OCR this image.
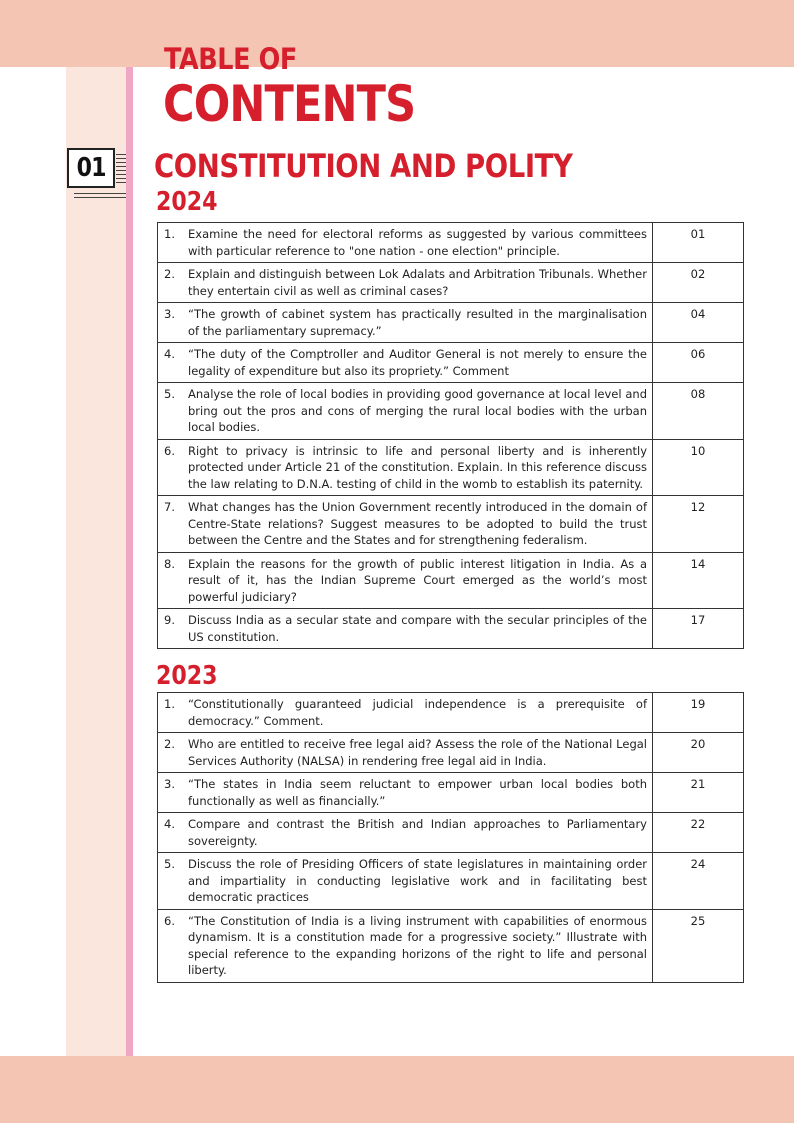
TABLE OF
CONTENTS
01 CONSTITUTION AND POLITY
2024
1. Examine the need for electoral reforms as suggested by various committees with particular reference to "one nation - one election" principle.	01

2. Explain and distinguish between Lok Adalats and Arbitration Tribunals. Whether they entertain civil as well as criminal cases?	02

3. “The growth of cabinet system has practically resulted in the marginalisation of the parliamentary supremacy.”	04

4. “The duty of the Comptroller and Auditor General is not merely to ensure the legality of expenditure but also its propriety.” Comment	06

5. Analyse the role of local bodies in providing good governance at local level and bring out the pros and cons of merging the rural local bodies with the urban local bodies.	08

6. Right to privacy is intrinsic to life and personal liberty and is inherently protected under Article 21 of the constitution. Explain. In this reference discuss the law relating to D.N.A. testing of child in the womb to establish its paternity.	10

7. What changes has the Union Government recently introduced in the domain of Centre-State relations? Suggest measures to be adopted to build the trust between the Centre and the States and for strengthening federalism.	12

8. Explain the reasons for the growth of public interest litigation in India. As a result of it, has the Indian Supreme Court emerged as the world’s most powerful judiciary?	14

9. Discuss India as a secular state and compare with the secular principles of the US constitution.	17
2023
1. “Constitutionally guaranteed judicial independence is a prerequisite of democracy.” Comment.	19

2. Who are entitled to receive free legal aid? Assess the role of the National Legal Services Authority (NALSA) in rendering free legal aid in India.	20

3. “The states in India seem reluctant to empower urban local bodies both functionally as well as financially.”	21

4. Compare and contrast the British and Indian approaches to Parliamentary sovereignty.	22

5. Discuss the role of Presiding Officers of state legislatures in maintaining order and impartiality in conducting legislative work and in facilitating best democratic practices	24

6. “The Constitution of India is a living instrument with capabilities of enormous dynamism. It is a constitution made for a progressive society.” Illustrate with special reference to the expanding horizons of the right to life and personal liberty.	25
